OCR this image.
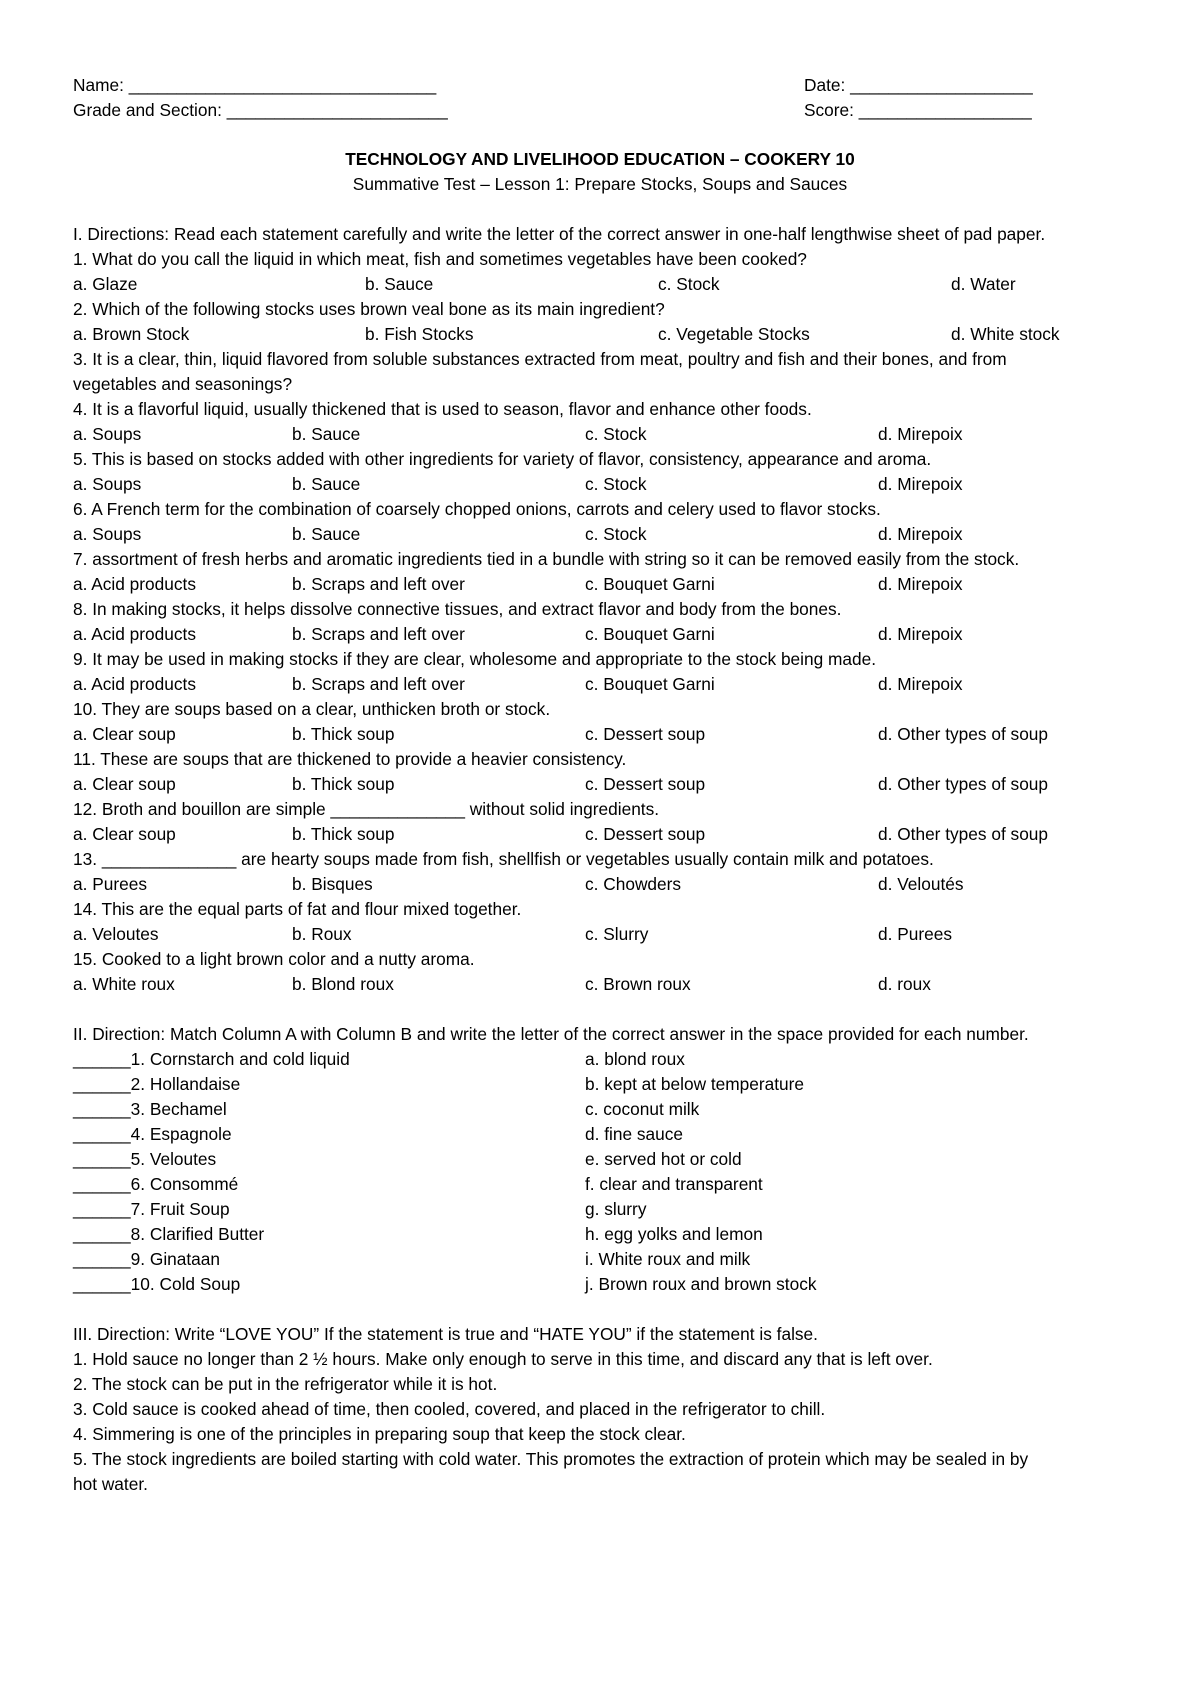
Name: ________________________________	Date: ___________________
Grade and Section: _______________________	Score: __________________
TECHNOLOGY AND LIVELIHOOD EDUCATION – COOKERY 10
Summative Test – Lesson 1: Prepare Stocks, Soups and Sauces
I. Directions: Read each statement carefully and write the letter of the correct answer in one-half lengthwise sheet of pad paper.
1. What do you call the liquid in which meat, fish and sometimes vegetables have been cooked?
a. Glaze	b. Sauce	c. Stock	d. Water
2. Which of the following stocks uses brown veal bone as its main ingredient?
a. Brown Stock	b. Fish Stocks	c. Vegetable Stocks	d. White stock
3. It is a clear, thin, liquid flavored from soluble substances extracted from meat, poultry and fish and their bones, and from
vegetables and seasonings?
4. It is a flavorful liquid, usually thickened that is used to season, flavor and enhance other foods.
a. Soups	b. Sauce	c. Stock	d. Mirepoix
5. This is based on stocks added with other ingredients for variety of flavor, consistency, appearance and aroma.
a. Soups	b. Sauce	c. Stock	d. Mirepoix
6. A French term for the combination of coarsely chopped onions, carrots and celery used to flavor stocks.
a. Soups	b. Sauce	c. Stock	d. Mirepoix
7. assortment of fresh herbs and aromatic ingredients tied in a bundle with string so it can be removed easily from the stock.
a. Acid products	b. Scraps and left over	c. Bouquet Garni	d. Mirepoix
8. In making stocks, it helps dissolve connective tissues, and extract flavor and body from the bones.
a. Acid products	b. Scraps and left over	c. Bouquet Garni	d. Mirepoix
9. It may be used in making stocks if they are clear, wholesome and appropriate to the stock being made.
a. Acid products	b. Scraps and left over	c. Bouquet Garni	d. Mirepoix
10. They are soups based on a clear, unthicken broth or stock.
a. Clear soup	b. Thick soup	c. Dessert soup	d. Other types of soup
11. These are soups that are thickened to provide a heavier consistency.
a. Clear soup	b. Thick soup	c. Dessert soup	d. Other types of soup
12. Broth and bouillon are simple ______________ without solid ingredients.
a. Clear soup	b. Thick soup	c. Dessert soup	d. Other types of soup
13. ______________ are hearty soups made from fish, shellfish or vegetables usually contain milk and potatoes.
a. Purees	b. Bisques	c. Chowders	d. Veloutés
14. This are the equal parts of fat and flour mixed together.
a. Veloutes	b. Roux	c. Slurry	d. Purees
15. Cooked to a light brown color and a nutty aroma.
a. White roux	b. Blond roux	c. Brown roux	d. roux
II. Direction: Match Column A with Column B and write the letter of the correct answer in the space provided for each number.
______1. Cornstarch and cold liquid	a. blond roux
______2. Hollandaise	b. kept at below temperature
______3. Bechamel	c. coconut milk
______4. Espagnole	d. fine sauce
______5. Veloutes	e. served hot or cold
______6. Consommé	f. clear and transparent
______7. Fruit Soup	g. slurry
______8. Clarified Butter	h. egg yolks and lemon
______9. Ginataan	i. White roux and milk
______10. Cold Soup	j. Brown roux and brown stock
III. Direction: Write “LOVE YOU” If the statement is true and “HATE YOU” if the statement is false.
1. Hold sauce no longer than 2 ½ hours. Make only enough to serve in this time, and discard any that is left over.
2. The stock can be put in the refrigerator while it is hot.
3. Cold sauce is cooked ahead of time, then cooled, covered, and placed in the refrigerator to chill.
4. Simmering is one of the principles in preparing soup that keep the stock clear.
5. The stock ingredients are boiled starting with cold water. This promotes the extraction of protein which may be sealed in by
hot water.
